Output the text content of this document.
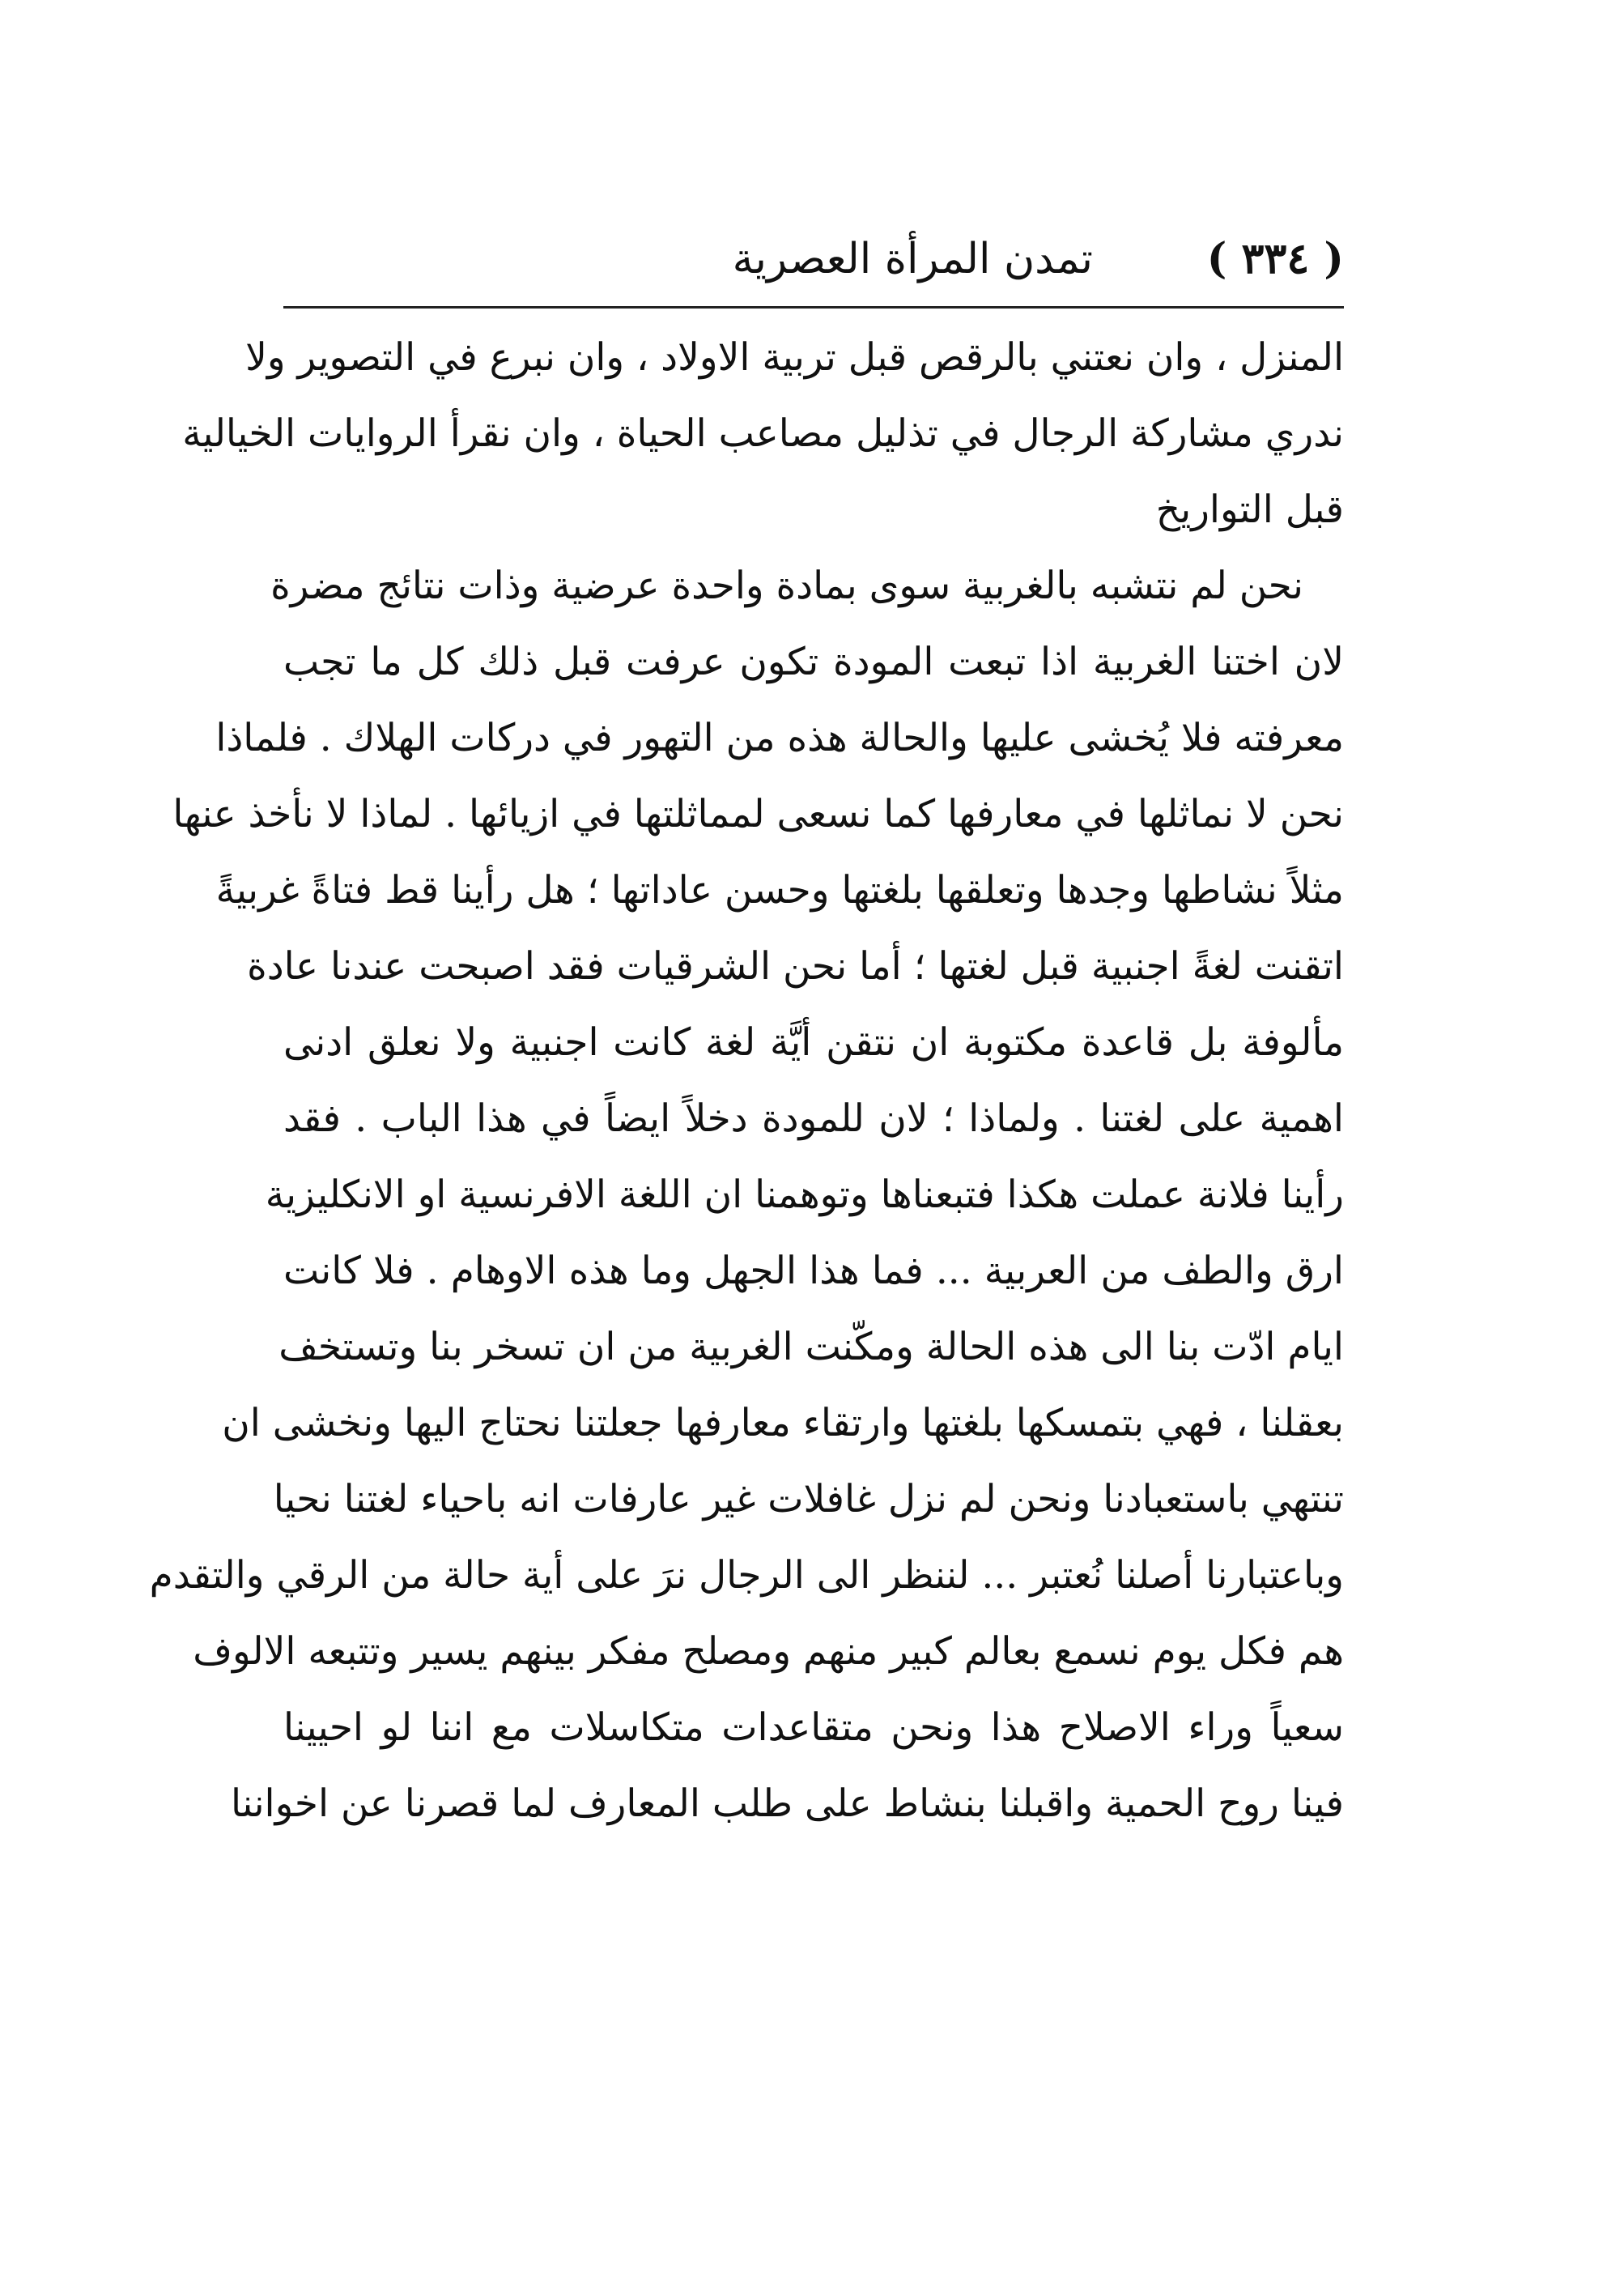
( ٣٣٤ )
تمدن المرأة العصرية
المنزل ، وان نعتني بالرقص قبل تربية الاولاد ، وان نبرع في التصوير ولا
ندري مشاركة الرجال في تذليل مصاعب الحياة ، وان نقرأ الروايات الخيالية
قبل التواريخ
نحن لم نتشبه بالغربية سوى بمادة واحدة عرضية وذات نتائج مضرة
لان اختنا الغربية اذا تبعت المودة تكون عرفت قبل ذلك كل ما تجب
معرفته فلا يُخشى عليها والحالة هذه من التهور في دركات الهلاك . فلماذا
نحن لا نماثلها في معارفها كما نسعى لمماثلتها في ازيائها . لماذا لا نأخذ عنها
مثلاً نشاطها وجدها وتعلقها بلغتها وحسن عاداتها ؛ هل رأينا قط فتاةً غربيةً
اتقنت لغةً اجنبية قبل لغتها ؛ أما نحن الشرقيات فقد اصبحت عندنا عادة
مألوفة بل قاعدة مكتوبة ان نتقن أيَّة لغة كانت اجنبية ولا نعلق ادنى
اهمية على لغتنا . ولماذا ؛ لان للمودة دخلاً ايضاً في هذا الباب . فقد
رأينا فلانة عملت هكذا فتبعناها وتوهمنا ان اللغة الافرنسية او الانكليزية
ارق والطف من العربية ... فما هذا الجهل وما هذه الاوهام . فلا كانت
ايام ادّت بنا الى هذه الحالة ومكّنت الغربية من ان تسخر بنا وتستخف
بعقلنا ، فهي بتمسكها بلغتها وارتقاء معارفها جعلتنا نحتاج اليها ونخشى ان
تنتهي باستعبادنا ونحن لم نزل غافلات غير عارفات انه باحياء لغتنا نحيا
وباعتبارنا أصلنا نُعتبر ... لننظر الى الرجال نرَ على أية حالة من الرقي والتقدم
هم فكل يوم نسمع بعالم كبير منهم ومصلح مفكر بينهم يسير وتتبعه الالوف
سعياً وراء الاصلاح هذا ونحن متقاعدات متكاسلات مع اننا لو احيينا
فينا روح الحمية واقبلنا بنشاط على طلب المعارف لما قصرنا عن اخواننا
